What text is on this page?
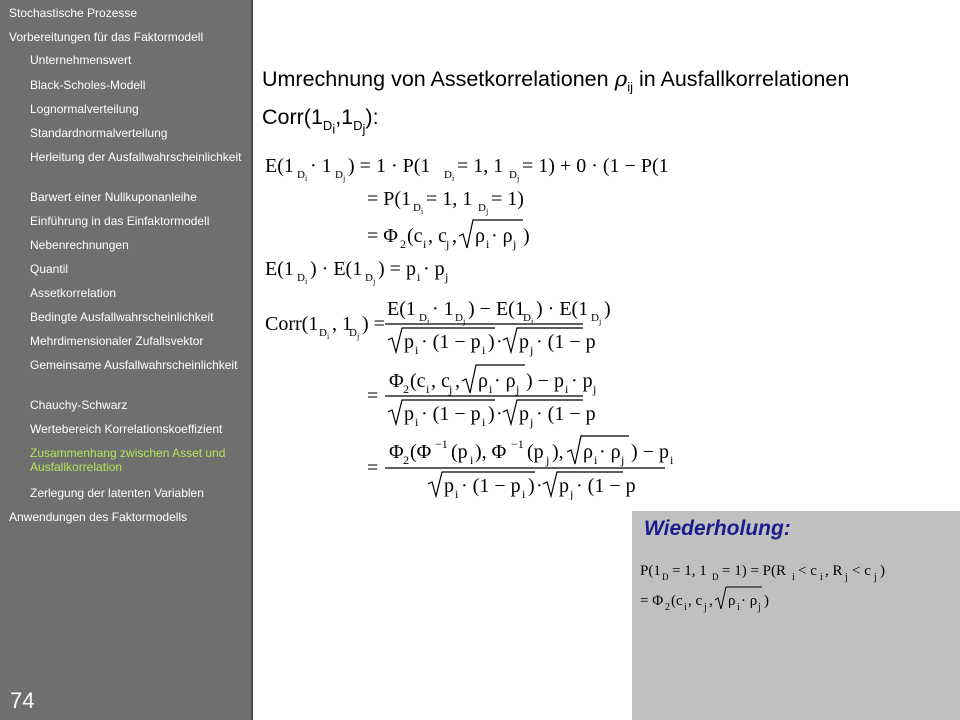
Stochastische Prozesse
Vorbereitungen für das Faktormodell
Unternehmenswert
Black-Scholes-Modell
Lognormalverteilung
Standardnormalverteilung
Herleitung der Ausfallwahrscheinlichkeit
Barwert einer Nullkuponanleihe
Einführung in das Einfaktormodell
Nebenrechnungen
Quantil
Assetkorrelation
Bedingte Ausfallwahrscheinlichkeit
Mehrdimensionaler Zufallsvektor
Gemeinsame Ausfallwahrscheinlichkeit
Chauchy-Schwarz
Wertebereich Korrelationskoeffizient
Zusammenhang zwischen Asset und Ausfallkorrelation
Zerlegung der latenten Variablen
Anwendungen des Faktormodells
74
Umrechnung von Assetkorrelationen $\rho_{ij}$ in Ausfallkorrelationen
$Corr(1_{D_i},1_{D_j})$:
E(1 D i
· 1 D j
) = 1 · P(1 D i
= 1, 1 D j
= 1) + 0 · (1 − P(1
= P(1 D i
= 1, 1 D j
= 1)
= Φ 2 (c i , c j , ρ i · ρ j )
E(1 D i
) · E(1 D j
) = p i · p j
Corr(1 D i
, 1
D j
) =
E(1 D i
· 1 D j
) − E(1
D i
) · E(1 D j
)
p i · (1 − p i ) · p j · (1 − p
=
Φ 2 (c i , c j , ρ i · ρ j ) − p i · p j
p i · (1 − p i ) · p j · (1 − p
=
Φ 2 (Φ −1 (p i ), Φ −1 (p j ), ρ i · ρ j ) − p i
p i · (1 − p i ) · p j · (1 − p
Wiederholung:
P(1 D = 1, 1 D = 1) = P(R i < c i , R j < c j )
= Φ 2 (c i , c j , ρ i · ρ j )
